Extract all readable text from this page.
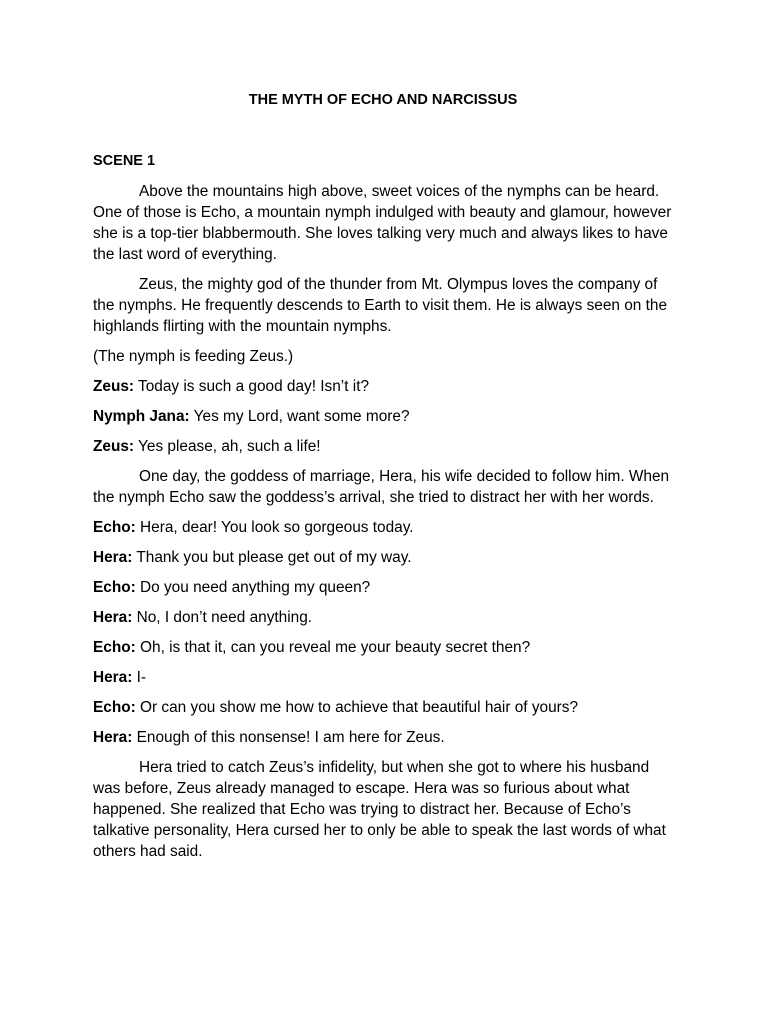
THE MYTH OF ECHO AND NARCISSUS
SCENE 1

Above the mountains high above, sweet voices of the nymphs can be heard. One of those is Echo, a mountain nymph indulged with beauty and glamour, however she is a top-tier blabbermouth. She loves talking very much and always likes to have the last word of everything.

Zeus, the mighty god of the thunder from Mt. Olympus loves the company of the nymphs. He frequently descends to Earth to visit them. He is always seen on the highlands flirting with the mountain nymphs.

(The nymph is feeding Zeus.)

Zeus: Today is such a good day! Isn’t it?

Nymph Jana: Yes my Lord, want some more?

Zeus: Yes please, ah, such a life!

One day, the goddess of marriage, Hera, his wife decided to follow him. When the nymph Echo saw the goddess’s arrival, she tried to distract her with her words.

Echo: Hera, dear! You look so gorgeous today.

Hera: Thank you but please get out of my way.

Echo: Do you need anything my queen?

Hera: No, I don’t need anything.

Echo: Oh, is that it, can you reveal me your beauty secret then?

Hera: I-

Echo: Or can you show me how to achieve that beautiful hair of yours?

Hera: Enough of this nonsense! I am here for Zeus.

Hera tried to catch Zeus’s infidelity, but when she got to where his husband was before, Zeus already managed to escape. Hera was so furious about what happened. She realized that Echo was trying to distract her. Because of Echo’s talkative personality, Hera cursed her to only be able to speak the last words of what others had said.
